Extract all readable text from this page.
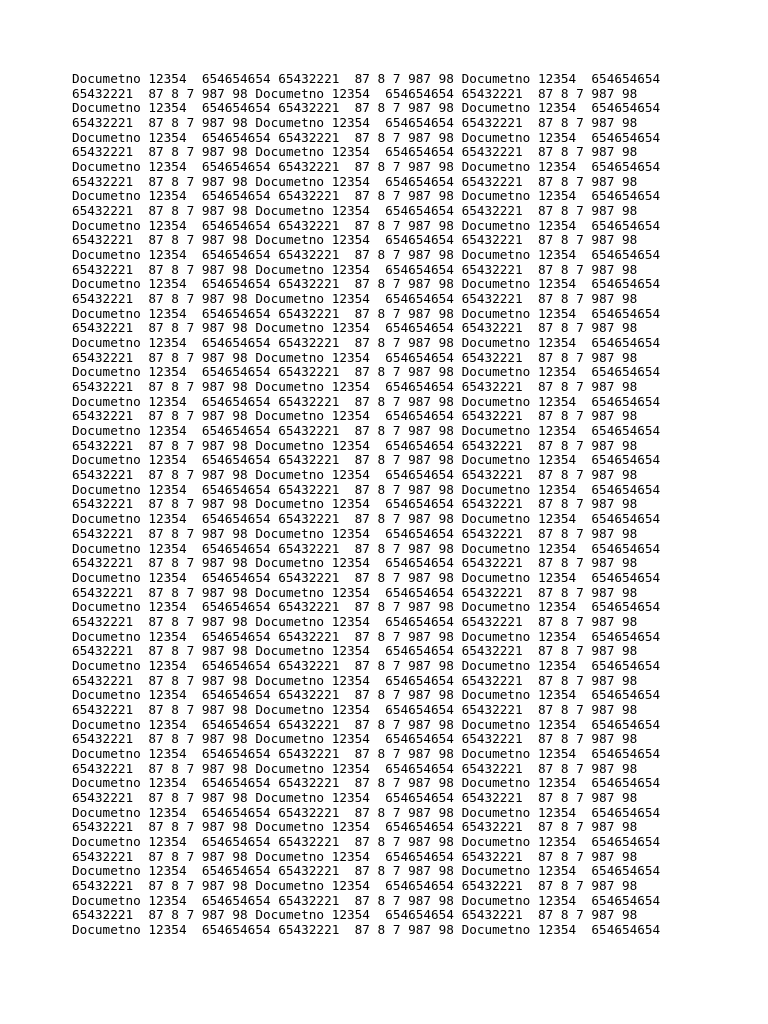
Documetno 12354  654654654 65432221  87 8 7 987 98 Documetno 12354  654654654
65432221  87 8 7 987 98 Documetno 12354  654654654 65432221  87 8 7 987 98
Documetno 12354  654654654 65432221  87 8 7 987 98 Documetno 12354  654654654
65432221  87 8 7 987 98 Documetno 12354  654654654 65432221  87 8 7 987 98
Documetno 12354  654654654 65432221  87 8 7 987 98 Documetno 12354  654654654
65432221  87 8 7 987 98 Documetno 12354  654654654 65432221  87 8 7 987 98
Documetno 12354  654654654 65432221  87 8 7 987 98 Documetno 12354  654654654
65432221  87 8 7 987 98 Documetno 12354  654654654 65432221  87 8 7 987 98
Documetno 12354  654654654 65432221  87 8 7 987 98 Documetno 12354  654654654
65432221  87 8 7 987 98 Documetno 12354  654654654 65432221  87 8 7 987 98
Documetno 12354  654654654 65432221  87 8 7 987 98 Documetno 12354  654654654
65432221  87 8 7 987 98 Documetno 12354  654654654 65432221  87 8 7 987 98
Documetno 12354  654654654 65432221  87 8 7 987 98 Documetno 12354  654654654
65432221  87 8 7 987 98 Documetno 12354  654654654 65432221  87 8 7 987 98
Documetno 12354  654654654 65432221  87 8 7 987 98 Documetno 12354  654654654
65432221  87 8 7 987 98 Documetno 12354  654654654 65432221  87 8 7 987 98
Documetno 12354  654654654 65432221  87 8 7 987 98 Documetno 12354  654654654
65432221  87 8 7 987 98 Documetno 12354  654654654 65432221  87 8 7 987 98
Documetno 12354  654654654 65432221  87 8 7 987 98 Documetno 12354  654654654
65432221  87 8 7 987 98 Documetno 12354  654654654 65432221  87 8 7 987 98
Documetno 12354  654654654 65432221  87 8 7 987 98 Documetno 12354  654654654
65432221  87 8 7 987 98 Documetno 12354  654654654 65432221  87 8 7 987 98
Documetno 12354  654654654 65432221  87 8 7 987 98 Documetno 12354  654654654
65432221  87 8 7 987 98 Documetno 12354  654654654 65432221  87 8 7 987 98
Documetno 12354  654654654 65432221  87 8 7 987 98 Documetno 12354  654654654
65432221  87 8 7 987 98 Documetno 12354  654654654 65432221  87 8 7 987 98
Documetno 12354  654654654 65432221  87 8 7 987 98 Documetno 12354  654654654
65432221  87 8 7 987 98 Documetno 12354  654654654 65432221  87 8 7 987 98
Documetno 12354  654654654 65432221  87 8 7 987 98 Documetno 12354  654654654
65432221  87 8 7 987 98 Documetno 12354  654654654 65432221  87 8 7 987 98
Documetno 12354  654654654 65432221  87 8 7 987 98 Documetno 12354  654654654
65432221  87 8 7 987 98 Documetno 12354  654654654 65432221  87 8 7 987 98
Documetno 12354  654654654 65432221  87 8 7 987 98 Documetno 12354  654654654
65432221  87 8 7 987 98 Documetno 12354  654654654 65432221  87 8 7 987 98
Documetno 12354  654654654 65432221  87 8 7 987 98 Documetno 12354  654654654
65432221  87 8 7 987 98 Documetno 12354  654654654 65432221  87 8 7 987 98
Documetno 12354  654654654 65432221  87 8 7 987 98 Documetno 12354  654654654
65432221  87 8 7 987 98 Documetno 12354  654654654 65432221  87 8 7 987 98
Documetno 12354  654654654 65432221  87 8 7 987 98 Documetno 12354  654654654
65432221  87 8 7 987 98 Documetno 12354  654654654 65432221  87 8 7 987 98
Documetno 12354  654654654 65432221  87 8 7 987 98 Documetno 12354  654654654
65432221  87 8 7 987 98 Documetno 12354  654654654 65432221  87 8 7 987 98
Documetno 12354  654654654 65432221  87 8 7 987 98 Documetno 12354  654654654
65432221  87 8 7 987 98 Documetno 12354  654654654 65432221  87 8 7 987 98
Documetno 12354  654654654 65432221  87 8 7 987 98 Documetno 12354  654654654
65432221  87 8 7 987 98 Documetno 12354  654654654 65432221  87 8 7 987 98
Documetno 12354  654654654 65432221  87 8 7 987 98 Documetno 12354  654654654
65432221  87 8 7 987 98 Documetno 12354  654654654 65432221  87 8 7 987 98
Documetno 12354  654654654 65432221  87 8 7 987 98 Documetno 12354  654654654
65432221  87 8 7 987 98 Documetno 12354  654654654 65432221  87 8 7 987 98
Documetno 12354  654654654 65432221  87 8 7 987 98 Documetno 12354  654654654
65432221  87 8 7 987 98 Documetno 12354  654654654 65432221  87 8 7 987 98
Documetno 12354  654654654 65432221  87 8 7 987 98 Documetno 12354  654654654
65432221  87 8 7 987 98 Documetno 12354  654654654 65432221  87 8 7 987 98
Documetno 12354  654654654 65432221  87 8 7 987 98 Documetno 12354  654654654
65432221  87 8 7 987 98 Documetno 12354  654654654 65432221  87 8 7 987 98
Documetno 12354  654654654 65432221  87 8 7 987 98 Documetno 12354  654654654
65432221  87 8 7 987 98 Documetno 12354  654654654 65432221  87 8 7 987 98
Documetno 12354  654654654 65432221  87 8 7 987 98 Documetno 12354  654654654
